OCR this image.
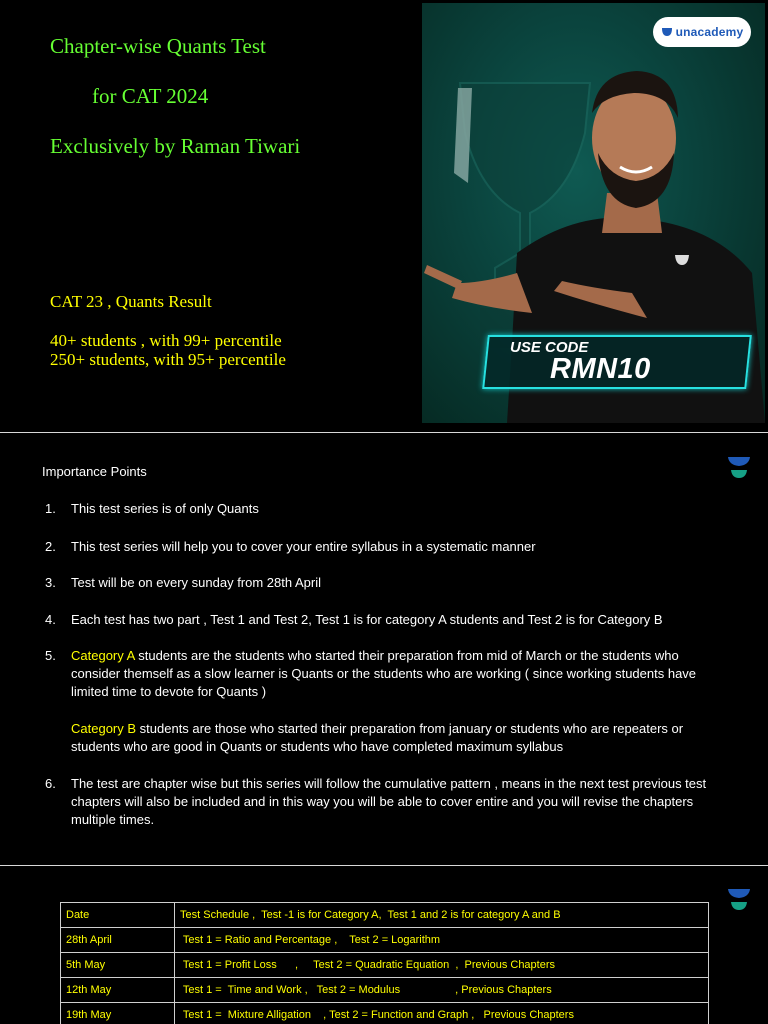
Chapter-wise Quants Test
for CAT 2024
Exclusively by Raman Tiwari
CAT 23 , Quants Result
40+ students , with 99+ percentile
250+ students, with 95+ percentile
unacademy
USE CODE
RMN10
Importance Points
1. This test series is of only Quants
2. This test series will help you to cover your entire syllabus in a systematic manner
3. Test will be on every sunday from 28th April
4. Each test has two part , Test 1 and Test 2, Test 1 is for category A students and Test 2 is for Category B
5. Category A students are the students who started their preparation from mid of March or the students who consider themself as a slow learner is Quants or the students who are working ( since working students have limited time to devote for Quants )
Category B students are those who started their preparation from january or students who are repeaters or students who are good in Quants or students who have completed maximum syllabus
6. The test are chapter wise but this series will follow the cumulative pattern , means in the next test previous test chapters will also be included and in this way you will be able to cover entire and you will revise the chapters multiple times.
Date	Test Schedule ,  Test -1 is for Category A,  Test 1 and 2 is for category A and B
28th April	Test 1 = Ratio and Percentage ,    Test 2 = Logarithm
5th May	Test 1 = Profit Loss      ,     Test 2 = Quadratic Equation  ,  Previous Chapters
12th May	Test 1 =  Time and Work ,   Test 2 = Modulus                  , Previous Chapters
19th May	Test 1 =  Mixture Alligation    , Test 2 = Function and Graph ,   Previous Chapters
